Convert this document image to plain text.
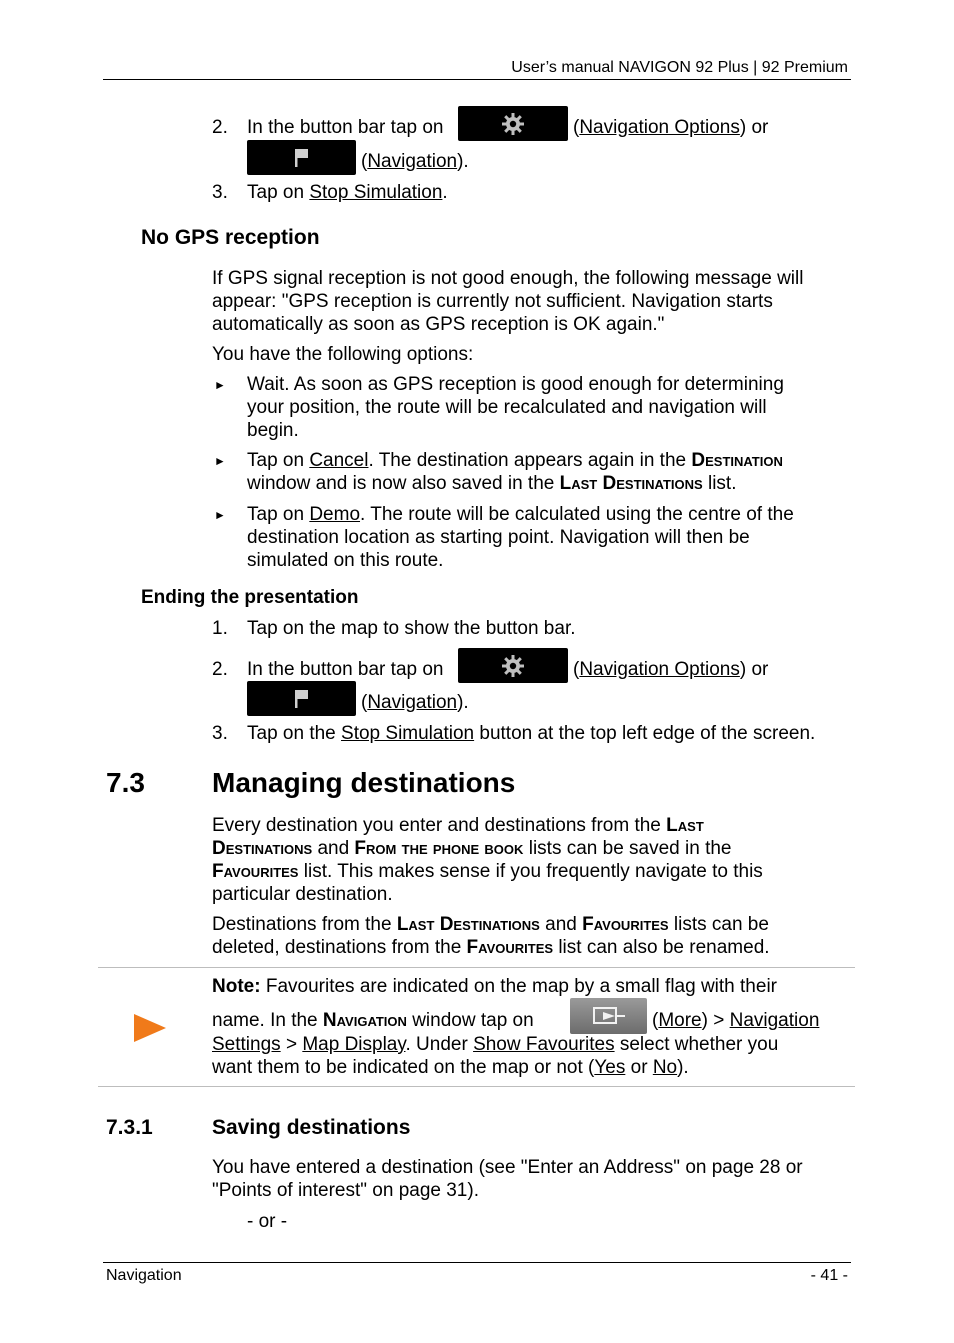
User’s manual NAVIGON 92 Plus | 92 Premium
2. In the button bar tap on	(Navigation Options) or
(Navigation).
3. Tap on Stop Simulation.
No GPS reception
If GPS signal reception is not good enough, the following message will
appear: "GPS reception is currently not sufficient. Navigation starts
automatically as soon as GPS reception is OK again."
You have the following options:
► Wait. As soon as GPS reception is good enough for determining
your position, the route will be recalculated and navigation will
begin.
► Tap on Cancel. The destination appears again in the Destination
window and is now also saved in the Last Destinations list.
► Tap on Demo. The route will be calculated using the centre of the
destination location as starting point. Navigation will then be
simulated on this route.
Ending the presentation
1. Tap on the map to show the button bar.
2. In the button bar tap on	(Navigation Options) or
(Navigation).
3. Tap on the Stop Simulation button at the top left edge of the screen.
7.3 Managing destinations
Every destination you enter and destinations from the Last
Destinations and From the phone book lists can be saved in the
Favourites list. This makes sense if you frequently navigate to this
particular destination.
Destinations from the Last Destinations and Favourites lists can be
deleted, destinations from the Favourites list can also be renamed.
Note: Favourites are indicated on the map by a small flag with their
name. In the Navigation window tap on	(More) > Navigation
Settings > Map Display. Under Show Favourites select whether you
want them to be indicated on the map or not (Yes or No).
7.3.1	Saving destinations
You have entered a destination (see "Enter an Address" on page 28 or
"Points of interest" on page 31).
- or -
Navigation	- 41 -
